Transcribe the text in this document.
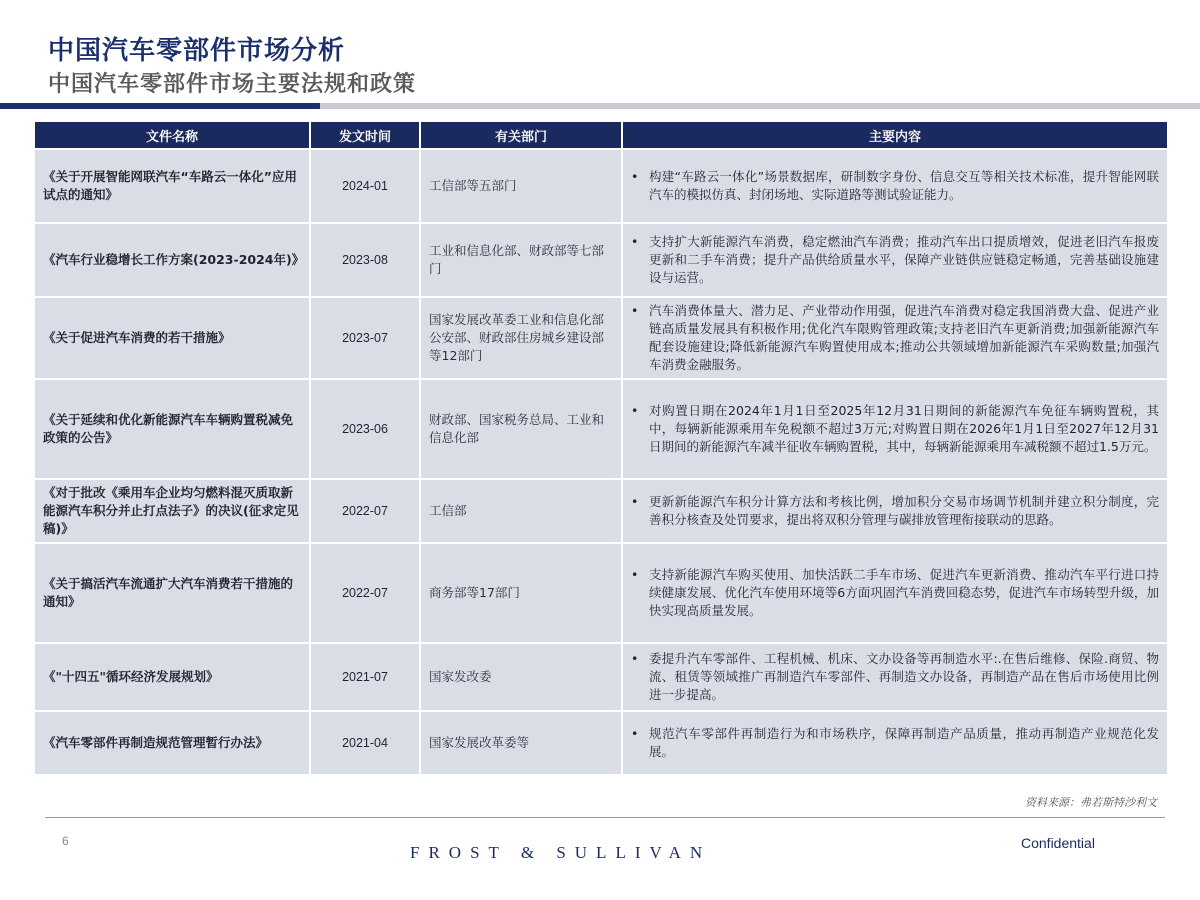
中国汽车零部件市场分析
中国汽车零部件市场主要法规和政策
文件名称	发文时间	有关部门	主要内容
《关于开展智能网联汽车“车路云一体化”应用试点的通知》	2024-01	工信部等五部门	• 构建“车路云一体化”场景数据库，研制数字身份、信息交互等相关技术标准，提升智能网联汽车的模拟仿真、封闭场地、实际道路等测试验证能力。

《汽车行业稳增长工作方案(2023-2024年)》	2023-08	工业和信息化部、财政部等七部门	• 支持扩大新能源汽车消费，稳定燃油汽车消费；推动汽车出口提质增效，促进老旧汽车报废更新和二手车消费；提升产品供给质量水平，保障产业链供应链稳定畅通，完善基础设施建设与运营。

《关于促进汽车消费的若干措施》	2023-07	国家发展改革委工业和信息化部公安部、财政部住房城乡建设部等12部门	• 汽车消费体量大、潜力足、产业带动作用强，促进汽车消费对稳定我国消费大盘、促进产业链高质量发展具有积极作用;优化汽车限购管理政策;支持老旧汽车更新消费;加强新能源汽车配套设施建设;降低新能源汽车购置使用成本;推动公共领域增加新能源汽车采购数量;加强汽车消费金融服务。

《关于延续和优化新能源汽车车辆购置税减免政策的公告》	2023-06	财政部、国家税务总局、工业和信息化部	• 对购置日期在2024年1月1日至2025年12月31日期间的新能源汽车免征车辆购置税，其中，每辆新能源乘用车免税额不超过3万元;对购置日期在2026年1月1日至2027年12月31日期间的新能源汽车减半征收车辆购置税，其中，每辆新能源乘用车减税额不超过1.5万元。

《对于批改《乘用车企业均匀燃料混灭质取新能源汽车积分并止打点法子》的决议(征求定见稿)》	2022-07	工信部	• 更新新能源汽车积分计算方法和考核比例，增加积分交易市场调节机制并建立积分制度，完善积分核查及处罚要求，提出将双积分管理与碳排放管理衔接联动的思路。

《关于搞活汽车流通扩大汽车消费若干措施的通知》	2022-07	商务部等17部门	• 支持新能源汽车购买使用、加快活跃二手车市场、促进汽车更新消费、推动汽车平行进口持续健康发展、优化汽车使用环境等6方面巩固汽车消费回稳态势，促进汽车市场转型升级，加快实现高质量发展。

《"十四五"循环经济发展规划》	2021-07	国家发改委	• 委提升汽车零部件、工程机械、机床、文办设备等再制造水平:.在售后维修、保险.商贸、物流、租赁等领域推广再制造汽车零部件、再制造文办设备，再制造产品在售后市场使用比例进一步提高。

《汽车零部件再制造规范管理暂行办法》	2021-04	国家发展改革委等	• 规范汽车零部件再制造行为和市场秩序，保障再制造产品质量，推动再制造产业规范化发展。
资料来源：弗若斯特沙利文
6
FROST & SULLIVAN	Confidential
